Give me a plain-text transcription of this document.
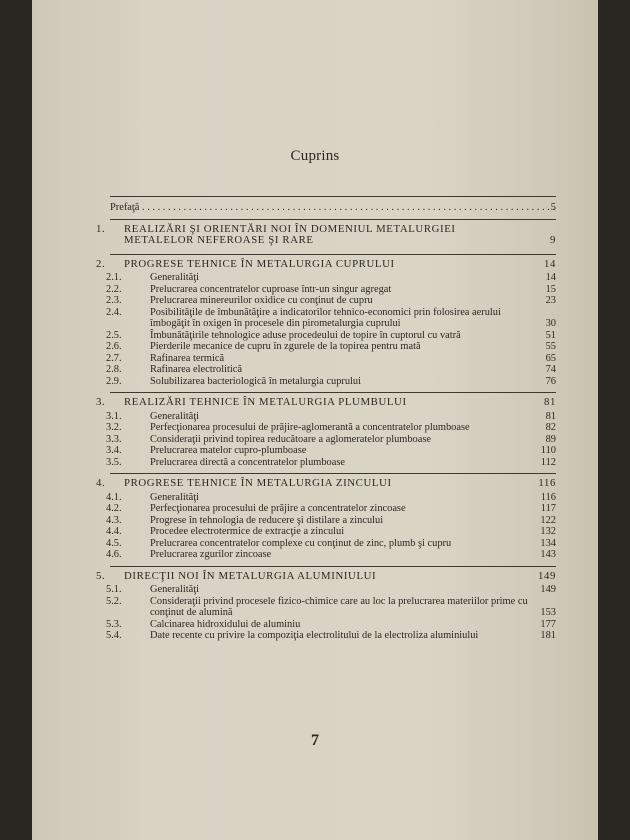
Cuprins
Prefaţă . . .	5
1. REALIZĂRI ŞI ORIENTĂRI NOI ÎN DOMENIUL METALURGIEI METALELOR NEFEROASE ŞI RARE	9
2. PROGRESE TEHNICE ÎN METALURGIA CUPRULUI	14
2.1.	Generalităţi	14
2.2.	Prelucrarea concentratelor cuproase într-un singur agregat	15
2.3.	Prelucrarea minereurilor oxidice cu conţinut de cupru	23
2.4.	Posibilităţile de îmbunătăţire a indicatorilor tehnico-economici prin folosirea aerului îmbogăţit în oxigen în procesele din pirometalurgia cuprului	30
2.5.	Îmbunătăţirile tehnologice aduse procedeului de topire în cuptorul cu vatră	51
2.6.	Pierderile mecanice de cupru în zgurele de la topirea pentru mată	55
2.7.	Rafinarea termică	65
2.8.	Rafinarea electrolitică	74
2.9.	Solubilizarea bacteriologică în metalurgia cuprului	76
3. REALIZĂRI TEHNICE ÎN METALURGIA PLUMBULUI	81
3.1.	Generalităţi	81
3.2.	Perfecţionarea procesului de prăjire-aglomerantă a concentratelor plumboase	82
3.3.	Consideraţii privind topirea reducătoare a aglomeratelor plumboase	89
3.4.	Prelucrarea matelor cupro-plumboase	110
3.5.	Prelucrarea directă a concentratelor plumboase	112
4. PROGRESE TEHNICE ÎN METALURGIA ZINCULUI	116
4.1.	Generalităţi	116
4.2.	Perfecţionarea procesului de prăjire a concentratelor zincoase	117
4.3.	Progrese în tehnologia de reducere şi distilare a zincului	122
4.4.	Procedee electrotermice de extracţie a zincului	132
4.5.	Prelucrarea concentratelor complexe cu conţinut de zinc, plumb şi cupru	134
4.6.	Prelucrarea zgurilor zincoase	143
5. DIRECŢII NOI ÎN METALURGIA ALUMINIULUI	149
5.1.	Generalităţi	149
5.2.	Consideraţii privind procesele fizico-chimice care au loc la prelucrarea materiilor prime cu conţinut de alumină	153
5.3.	Calcinarea hidroxidului de aluminiu	177
5.4.	Date recente cu privire la compoziţia electrolitului de la electroliza aluminiului	181
7
